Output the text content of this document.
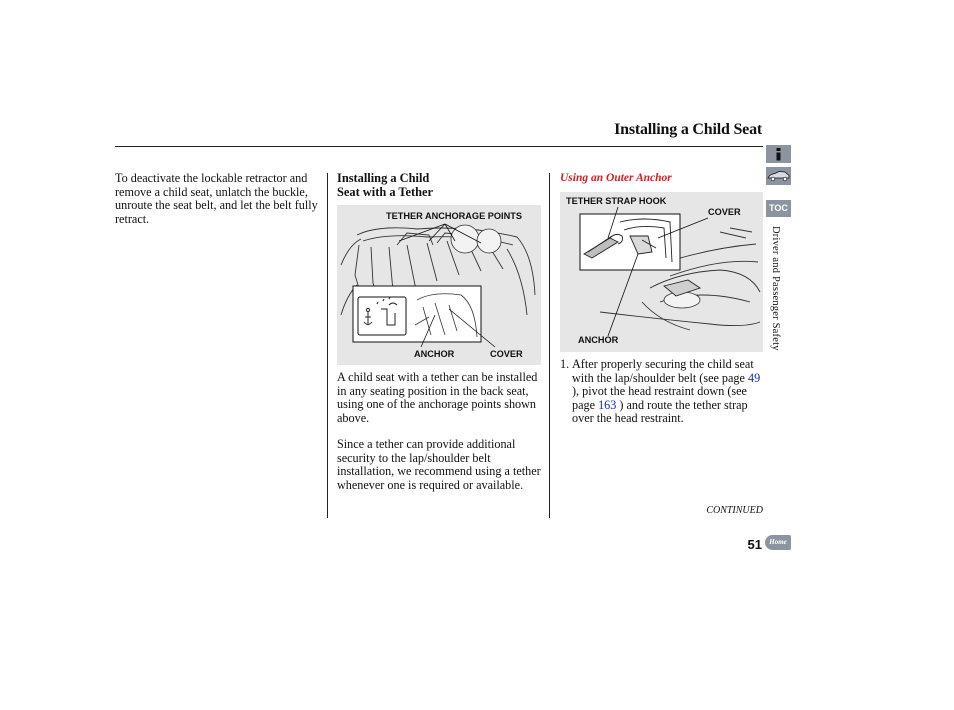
Installing a Child Seat
To deactivate the lockable retractor and remove a child seat, unlatch the buckle, unroute the seat belt, and let the belt fully retract.
Installing a Child
Seat with a Tether
TETHER ANCHORAGE POINTS
ANCHOR	COVER
A child seat with a tether can be installed in any seating position in the back seat, using one of the anchorage points shown above.
Since a tether can provide additional security to the lap/shoulder belt installation, we recommend using a tether whenever one is required or available.
Using an Outer Anchor
TETHER STRAP HOOK
COVER
ANCHOR
1. After properly securing the child seat with the lap/shoulder belt (see page 49 ), pivot the head restraint down (see page 163 ) and route the tether strap over the head restraint.
CONTINUED
51
TOC
Driver and Passenger Safety
Home
